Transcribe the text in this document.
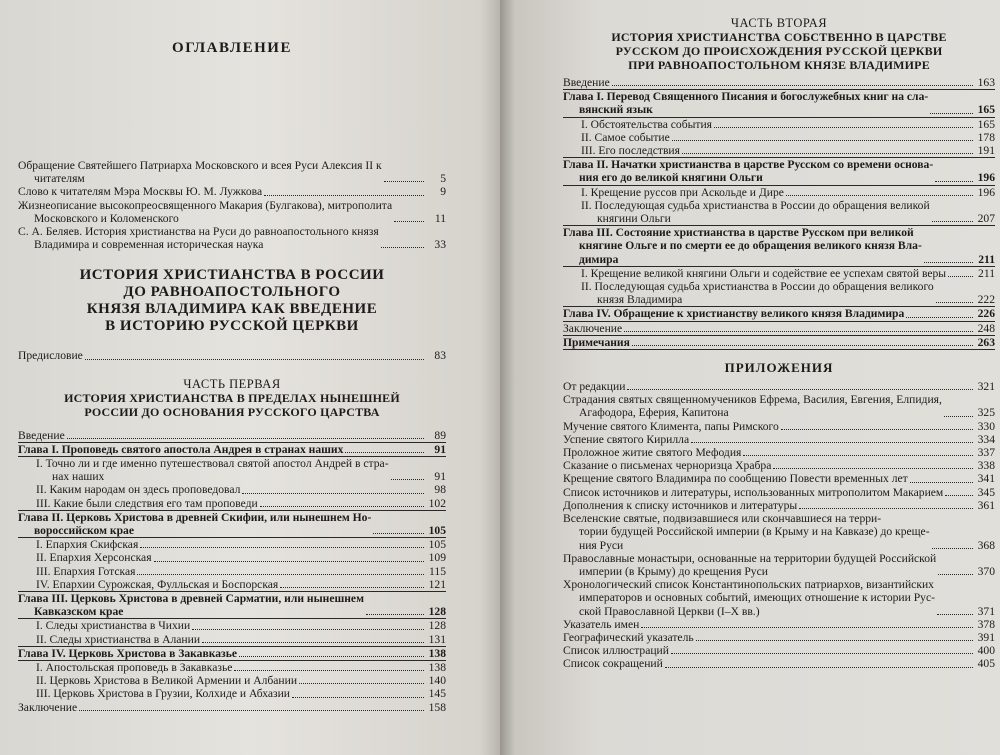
ОГЛАВЛЕНИЕ
Обращение Святейшего Патриарха Московского и всея Руси Алексия II к
читателям	5
Слово к читателям Мэра Москвы Ю. М. Лужкова	9
Жизнеописание высокопреосвященного Макария (Булгакова), митрополита
Московского и Коломенского	11
С. А. Беляев. История христианства на Руси до равноапостольного князя
Владимира и современная историческая наука	33
ИСТОРИЯ ХРИСТИАНСТВА В РОССИИ
ДО РАВНОАПОСТОЛЬНОГО
КНЯЗЯ ВЛАДИМИРА КАК ВВЕДЕНИЕ
В ИСТОРИЮ РУССКОЙ ЦЕРКВИ
Предисловие	83
ЧАСТЬ ПЕРВАЯ
ИСТОРИЯ ХРИСТИАНСТВА В ПРЕДЕЛАХ НЫНЕШНЕЙ
РОССИИ ДО ОСНОВАНИЯ РУССКОГО ЦАРСТВА
Введение	89
Глава I. Проповедь святого апостола Андрея в странах наших	91
I. Точно ли и где именно путешествовал святой апостол Андрей в стра-
нах наших	91
II. Каким народам он здесь проповедовал	98
III. Какие были следствия его там проповеди	102
Глава II. Церковь Христова в древней Скифии, или нынешнем Но-
вороссийском крае	105
I. Епархия Скифская	105
II. Епархия Херсонская	109
III. Епархия Готская	115
IV. Епархии Сурожская, Фулльская и Боспорская	121
Глава III. Церковь Христова в древней Сарматии, или нынешнем
Кавказском крае	128
I. Следы христианства в Чихии	128
II. Следы христианства в Алании	131
Глава IV. Церковь Христова в Закавказье	138
I. Апостольская проповедь в Закавказье	138
II. Церковь Христова в Великой Армении и Албании	140
III. Церковь Христова в Грузии, Колхиде и Абхазии	145
Заключение	158
ЧАСТЬ ВТОРАЯ
ИСТОРИЯ ХРИСТИАНСТВА СОБСТВЕННО В ЦАРСТВЕ
РУССКОМ ДО ПРОИСХОЖДЕНИЯ РУССКОЙ ЦЕРКВИ
ПРИ РАВНОАПОСТОЛЬНОМ КНЯЗЕ ВЛАДИМИРЕ
Введение	163
Глава I. Перевод Священного Писания и богослужебных книг на сла-
вянский язык	165
I. Обстоятельства события	165
II. Самое событие	178
III. Его последствия	191
Глава II. Начатки христианства в царстве Русском со времени основа-
ния его до великой княгини Ольги	196
I. Крещение руссов при Аскольде и Дире	196
II. Последующая судьба христианства в России до обращения великой
княгини Ольги	207
Глава III. Состояние христианства в царстве Русском при великой
княгине Ольге и по смерти ее до обращения великого князя Вла-
димира	211
I. Крещение великой княгини Ольги и содействие ее успехам святой веры	211
II. Последующая судьба христианства в России до обращения великого
князя Владимира	222
Глава IV. Обращение к христианству великого князя Владимира	226
Заключение	248
Примечания	263
ПРИЛОЖЕНИЯ
От редакции	321
Страдания святых священномучеников Ефрема, Василия, Евгения, Елпидия,
Агафодора, Еферия, Капитона	325
Мучение святого Климента, папы Римского	330
Успение святого Кирилла	334
Проложное житие святого Мефодия	337
Сказание о письменах черноризца Храбра	338
Крещение святого Владимира по сообщению Повести временных лет	341
Список источников и литературы, использованных митрополитом Макарием	345
Дополнения к списку источников и литературы	361
Вселенские святые, подвизавшиеся или скончавшиеся на терри-
тории будущей Российской империи (в Крыму и на Кавказе) до креще-
ния Руси	368
Православные монастыри, основанные на территории будущей Российской
империи (в Крыму) до крещения Руси	370
Хронологический список Константинопольских патриархов, византийских
императоров и основных событий, имеющих отношение к истории Рус-
ской Православной Церкви (I–X вв.)	371
Указатель имен	378
Географический указатель	391
Список иллюстраций	400
Список сокращений	405
